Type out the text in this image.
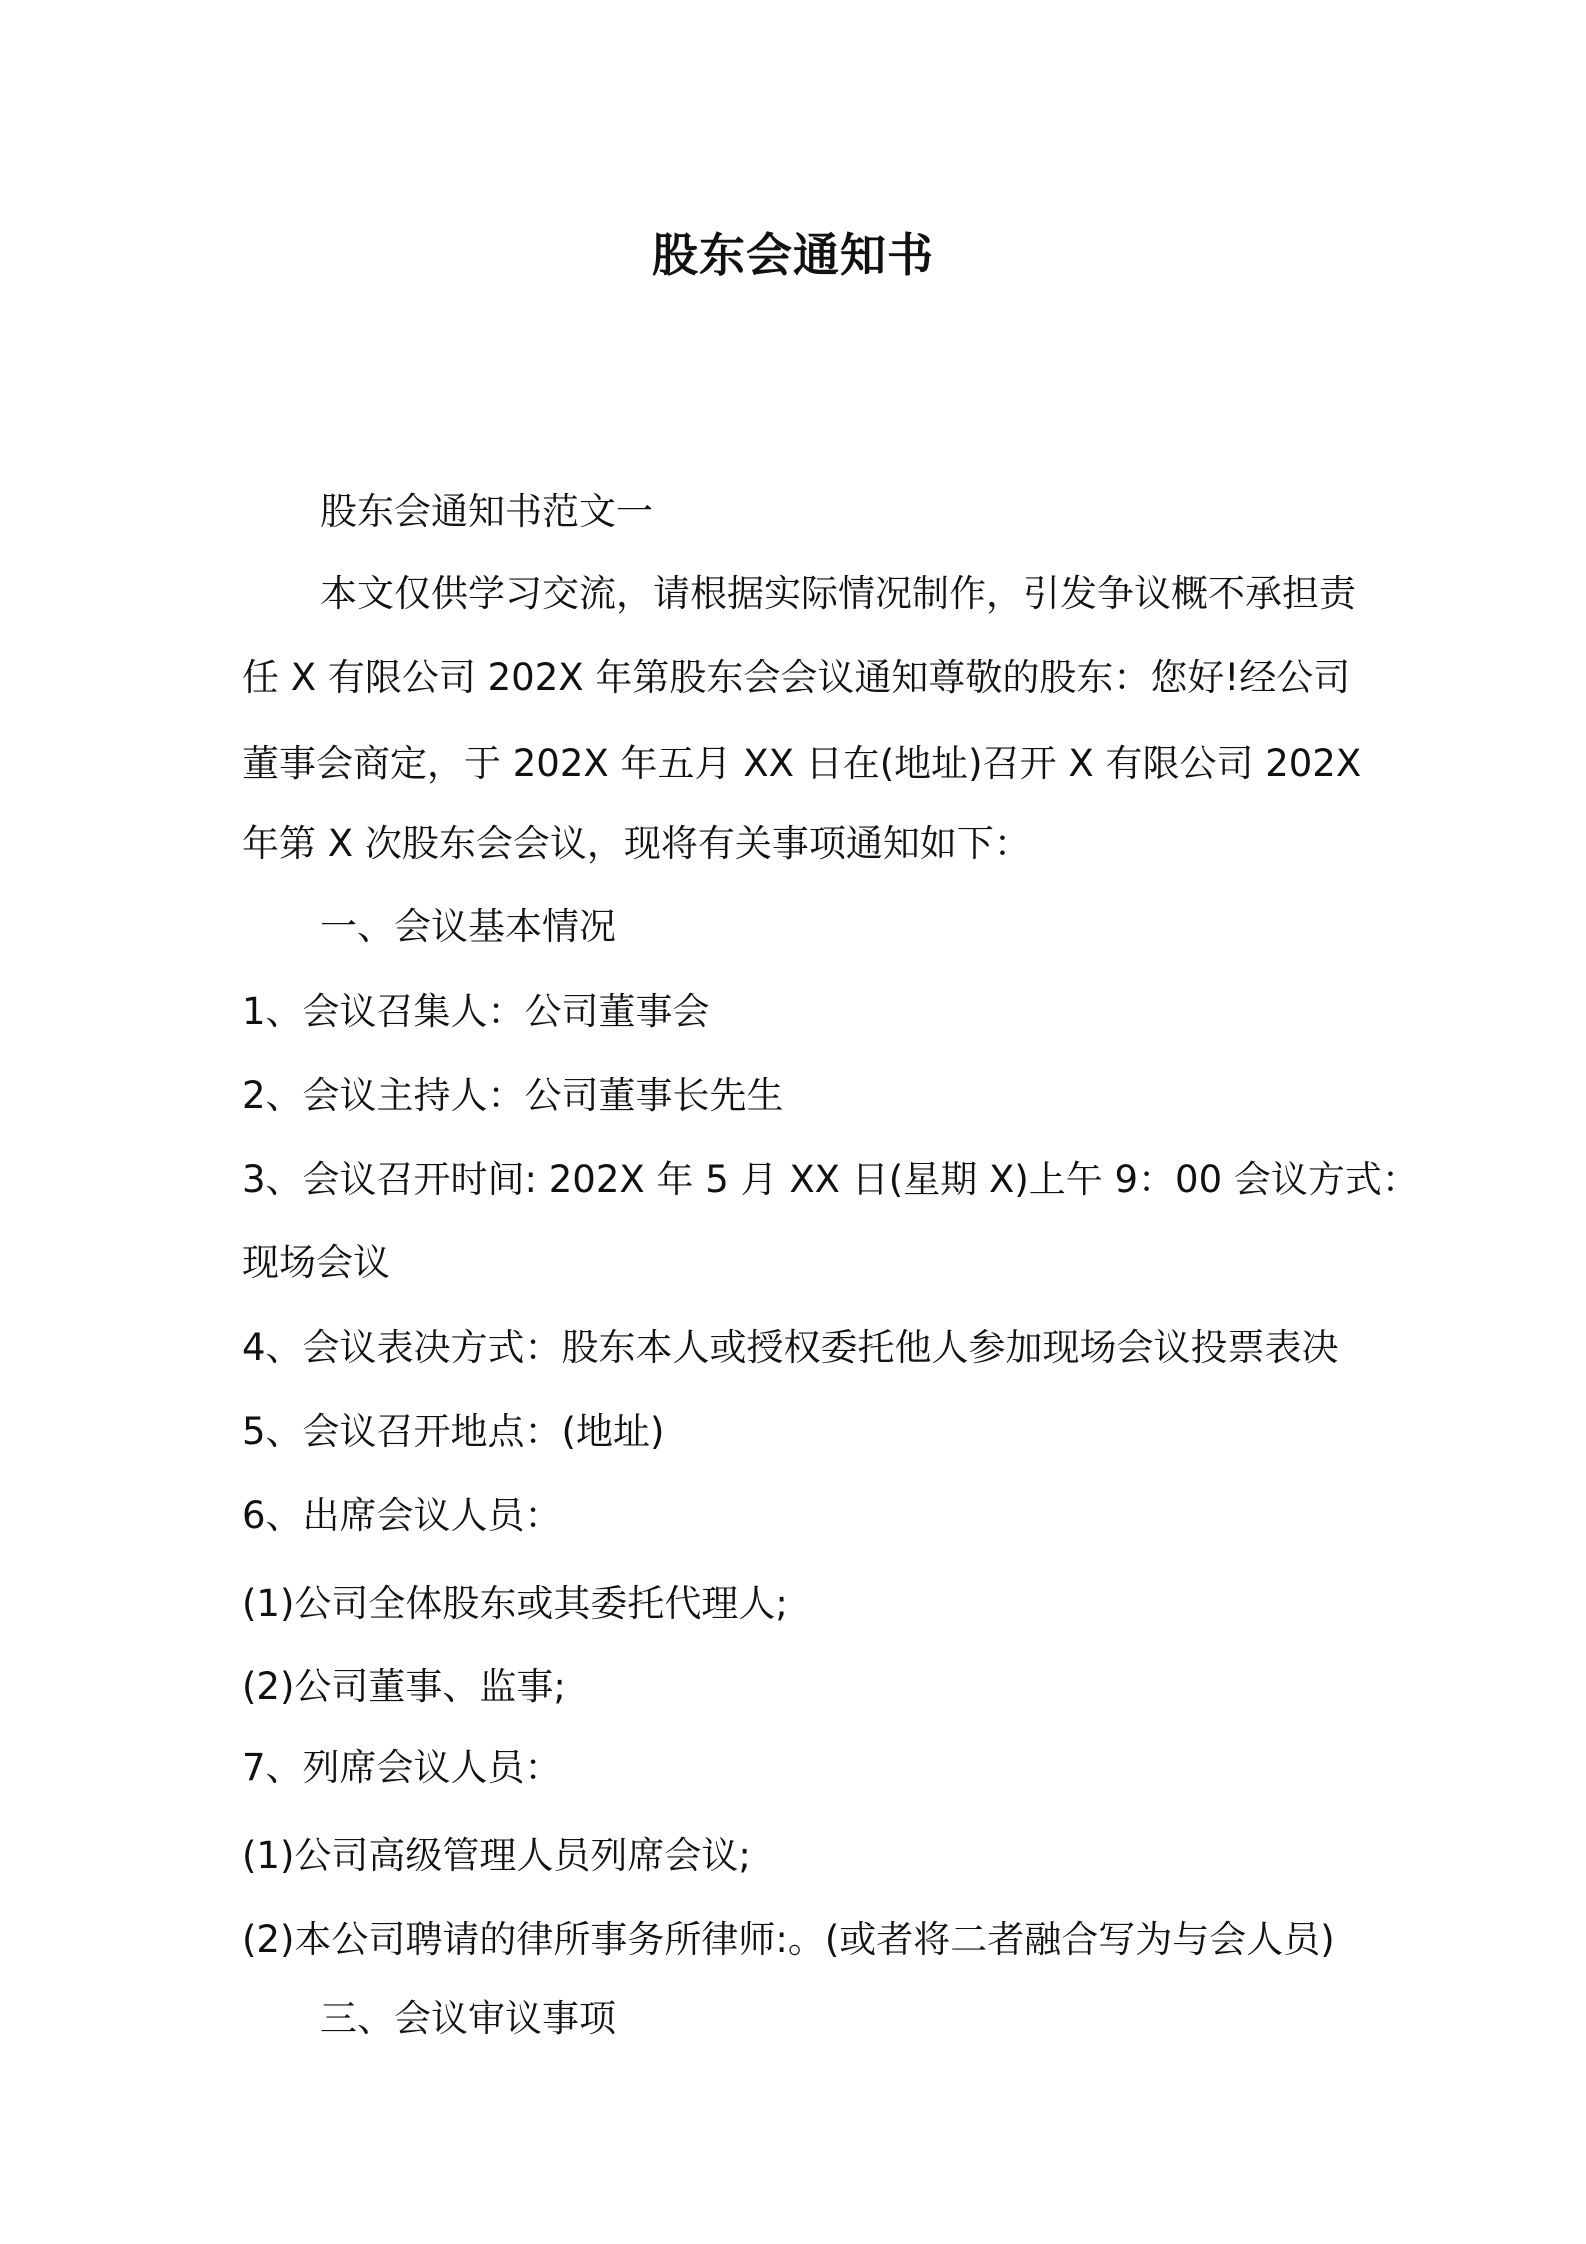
股东会通知书
股东会通知书范文一
本文仅供学习交流，请根据实际情况制作，引发争议概不承担责
任 X 有限公司 202X 年第股东会会议通知尊敬的股东：您好!经公司
董事会商定，于 202X 年五月 XX 日在(地址)召开 X 有限公司 202X
年第 X 次股东会会议，现将有关事项通知如下：
一、会议基本情况
1、会议召集人：公司董事会
2、会议主持人：公司董事长先生
3、会议召开时间: 202X 年 5 月 XX 日(星期 X)上午 9：00 会议方式：
现场会议
4、会议表决方式：股东本人或授权委托他人参加现场会议投票表决
5、会议召开地点：(地址)
6、出席会议人员：
(1)公司全体股东或其委托代理人;
(2)公司董事、监事;
7、列席会议人员：
(1)公司高级管理人员列席会议;
(2)本公司聘请的律所事务所律师:。(或者将二者融合写为与会人员)
三、会议审议事项
